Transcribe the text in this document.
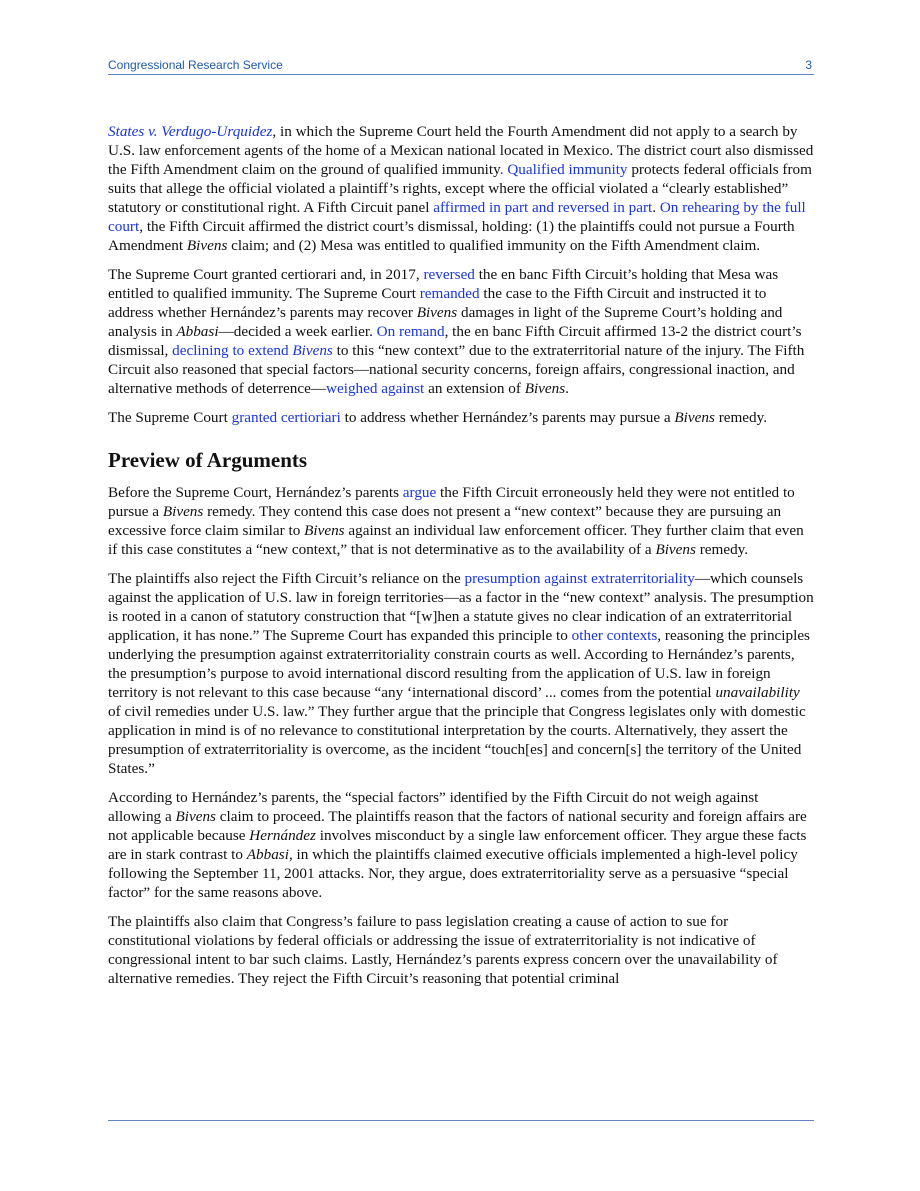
Congressional Research Service	3

States v. Verdugo-Urquidez, in which the Supreme Court held the Fourth Amendment did not apply to a search by U.S. law enforcement agents of the home of a Mexican national located in Mexico. The district court also dismissed the Fifth Amendment claim on the ground of qualified immunity. Qualified immunity protects federal officials from suits that allege the official violated a plaintiff’s rights, except where the official violated a “clearly established” statutory or constitutional right. A Fifth Circuit panel affirmed in part and reversed in part. On rehearing by the full court, the Fifth Circuit affirmed the district court’s dismissal, holding: (1) the plaintiffs could not pursue a Fourth Amendment Bivens claim; and (2) Mesa was entitled to qualified immunity on the Fifth Amendment claim.

The Supreme Court granted certiorari and, in 2017, reversed the en banc Fifth Circuit’s holding that Mesa was entitled to qualified immunity. The Supreme Court remanded the case to the Fifth Circuit and instructed it to address whether Hernández’s parents may recover Bivens damages in light of the Supreme Court’s holding and analysis in Abbasi—decided a week earlier. On remand, the en banc Fifth Circuit affirmed 13-2 the district court’s dismissal, declining to extend Bivens to this “new context” due to the extraterritorial nature of the injury. The Fifth Circuit also reasoned that special factors—national security concerns, foreign affairs, congressional inaction, and alternative methods of deterrence—weighed against an extension of Bivens.

The Supreme Court granted certioriari to address whether Hernández’s parents may pursue a Bivens remedy.

Preview of Arguments

Before the Supreme Court, Hernández’s parents argue the Fifth Circuit erroneously held they were not entitled to pursue a Bivens remedy. They contend this case does not present a “new context” because they are pursuing an excessive force claim similar to Bivens against an individual law enforcement officer. They further claim that even if this case constitutes a “new context,” that is not determinative as to the availability of a Bivens remedy.

The plaintiffs also reject the Fifth Circuit’s reliance on the presumption against extraterritoriality—which counsels against the application of U.S. law in foreign territories—as a factor in the “new context” analysis. The presumption is rooted in a canon of statutory construction that “[w]hen a statute gives no clear indication of an extraterritorial application, it has none.” The Supreme Court has expanded this principle to other contexts, reasoning the principles underlying the presumption against extraterritoriality constrain courts as well. According to Hernández’s parents, the presumption’s purpose to avoid international discord resulting from the application of U.S. law in foreign territory is not relevant to this case because “any ‘international discord’ ... comes from the potential unavailability of civil remedies under U.S. law.” They further argue that the principle that Congress legislates only with domestic application in mind is of no relevance to constitutional interpretation by the courts. Alternatively, they assert the presumption of extraterritoriality is overcome, as the incident “touch[es] and concern[s] the territory of the United States.”

According to Hernández’s parents, the “special factors” identified by the Fifth Circuit do not weigh against allowing a Bivens claim to proceed. The plaintiffs reason that the factors of national security and foreign affairs are not applicable because Hernández involves misconduct by a single law enforcement officer. They argue these facts are in stark contrast to Abbasi, in which the plaintiffs claimed executive officials implemented a high-level policy following the September 11, 2001 attacks. Nor, they argue, does extraterritoriality serve as a persuasive “special factor” for the same reasons above.

The plaintiffs also claim that Congress’s failure to pass legislation creating a cause of action to sue for constitutional violations by federal officials or addressing the issue of extraterritoriality is not indicative of congressional intent to bar such claims. Lastly, Hernández’s parents express concern over the unavailability of alternative remedies. They reject the Fifth Circuit’s reasoning that potential criminal
